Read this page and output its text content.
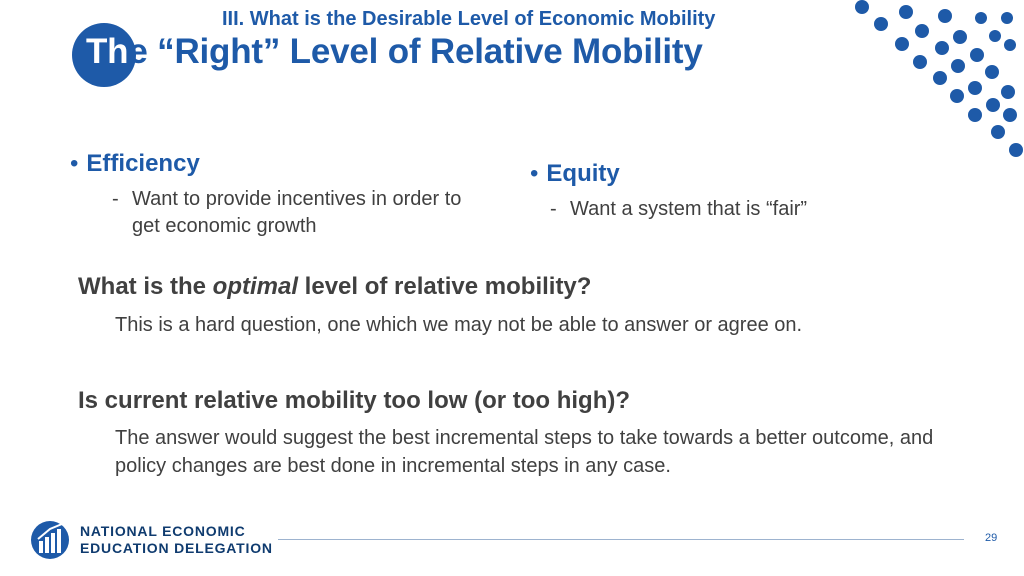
III. What is the Desirable Level of Economic Mobility
The “Right” Level of Relative Mobility
• Efficiency
- Want to provide incentives in order to get economic growth
• Equity
- Want a system that is “fair”
What is the optimal level of relative mobility?
This is a hard question, one which we may not be able to answer or agree on.
Is current relative mobility too low (or too high)?
The answer would suggest the best incremental steps to take towards a better outcome, and policy changes are best done in incremental steps in any case.
NATIONAL ECONOMIC
EDUCATION DELEGATION
29
